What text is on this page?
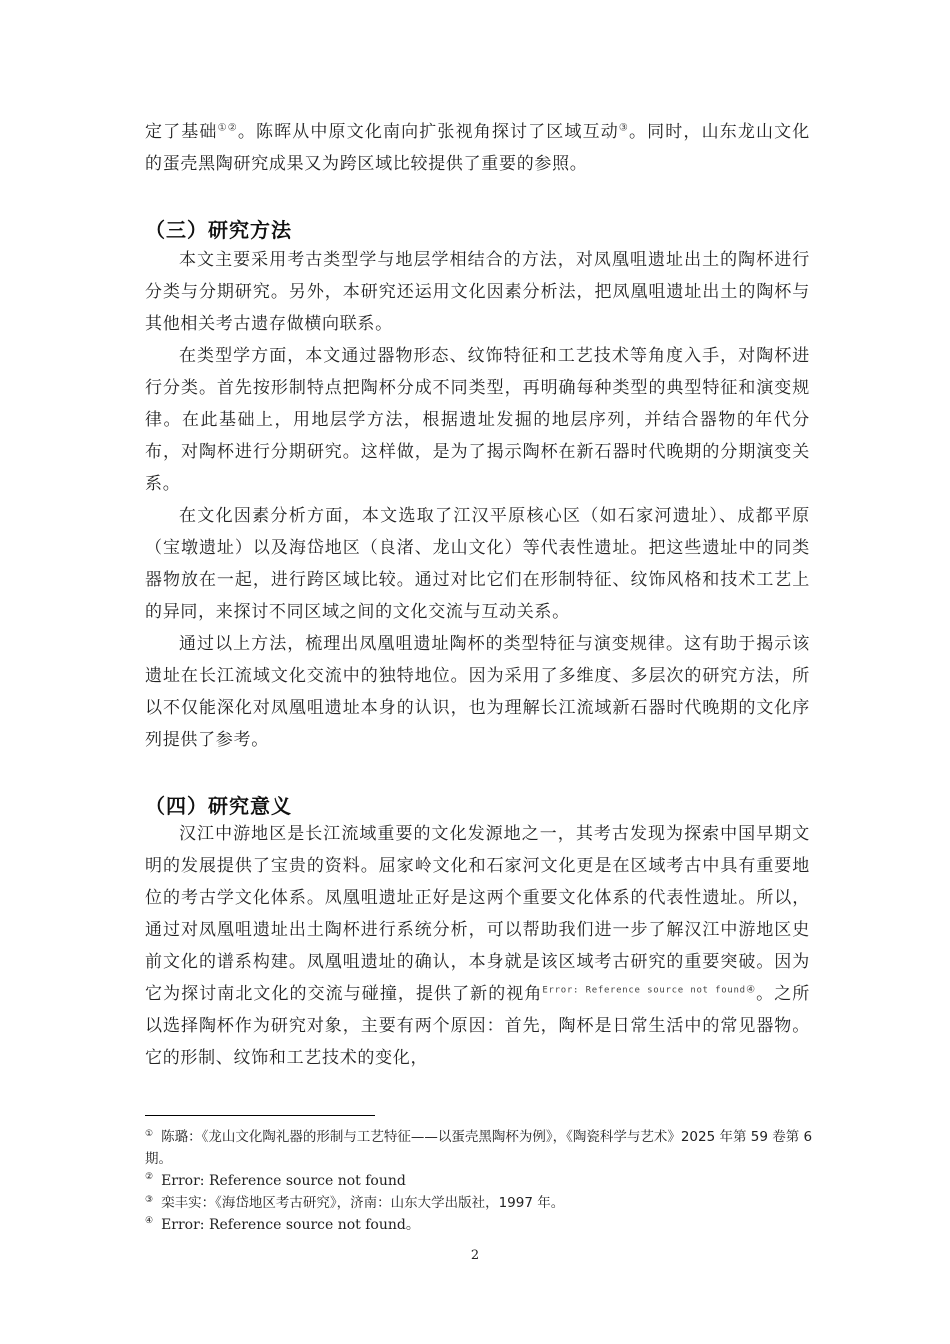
定了基础①②。陈晖从中原文化南向扩张视角探讨了区域互动③。同时，山东龙山文化的蛋壳黑陶研究成果又为跨区域比较提供了重要的参照。

（三）研究方法

本文主要采用考古类型学与地层学相结合的方法，对凤凰咀遗址出土的陶杯进行分类与分期研究。另外，本研究还运用文化因素分析法，把凤凰咀遗址出土的陶杯与其他相关考古遗存做横向联系。

在类型学方面，本文通过器物形态、纹饰特征和工艺技术等角度入手，对陶杯进行分类。首先按形制特点把陶杯分成不同类型，再明确每种类型的典型特征和演变规律。在此基础上，用地层学方法，根据遗址发掘的地层序列，并结合器物的年代分布，对陶杯进行分期研究。这样做，是为了揭示陶杯在新石器时代晚期的分期演变关系。

在文化因素分析方面，本文选取了江汉平原核心区（如石家河遗址）、成都平原（宝墩遗址）以及海岱地区（良渚、龙山文化）等代表性遗址。把这些遗址中的同类器物放在一起，进行跨区域比较。通过对比它们在形制特征、纹饰风格和技术工艺上的异同，来探讨不同区域之间的文化交流与互动关系。

通过以上方法，梳理出凤凰咀遗址陶杯的类型特征与演变规律。这有助于揭示该遗址在长江流域文化交流中的独特地位。因为采用了多维度、多层次的研究方法，所以不仅能深化对凤凰咀遗址本身的认识，也为理解长江流域新石器时代晚期的文化序列提供了参考。

（四）研究意义

汉江中游地区是长江流域重要的文化发源地之一，其考古发现为探索中国早期文明的发展提供了宝贵的资料。屈家岭文化和石家河文化更是在区域考古中具有重要地位的考古学文化体系。凤凰咀遗址正好是这两个重要文化体系的代表性遗址。所以，通过对凤凰咀遗址出土陶杯进行系统分析，可以帮助我们进一步了解汉江中游地区史前文化的谱系构建。凤凰咀遗址的确认，本身就是该区域考古研究的重要突破。因为它为探讨南北文化的交流与碰撞，提供了新的视角$^{Error: Reference source not found④}$。之所以选择陶杯作为研究对象，主要有两个原因：首先，陶杯是日常生活中的常见器物。它的形制、纹饰和工艺技术的变化，

① 陈璐：《龙山文化陶礼器的形制与工艺特征——以蛋壳黑陶杯为例》，《陶瓷科学与艺术》2025 年第 59 卷第 6 期。

② Error: Reference source not found

③ 栾丰实：《海岱地区考古研究》，济南：山东大学出版社，1997 年。

④ Error: Reference source not found。

2
